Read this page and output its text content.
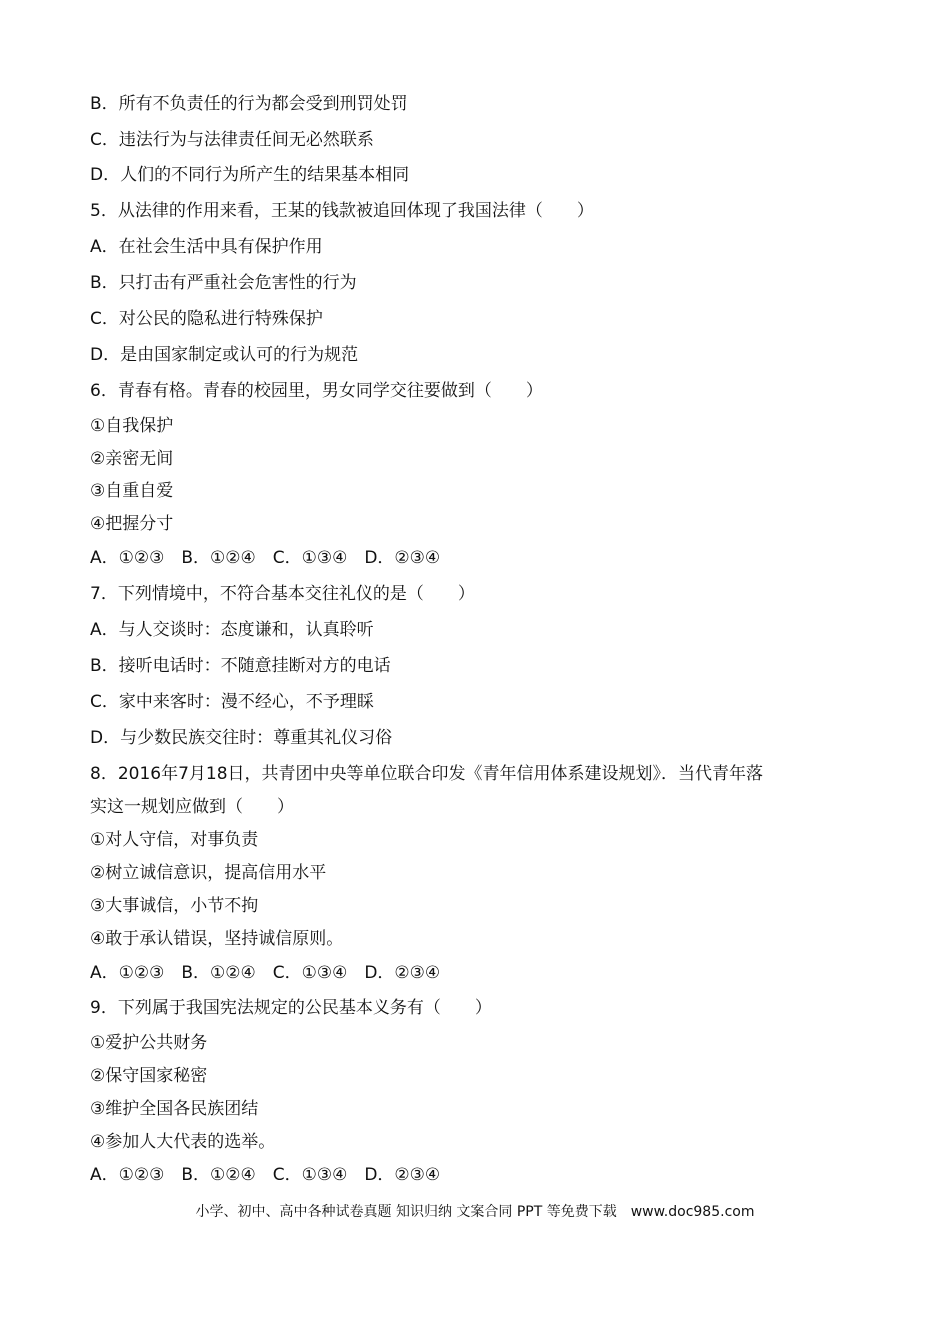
B．所有不负责任的行为都会受到刑罚处罚
C．违法行为与法律责任间无必然联系
D．人们的不同行为所产生的结果基本相同
5．从法律的作用来看，王某的钱款被追回体现了我国法律（　　）
A．在社会生活中具有保护作用
B．只打击有严重社会危害性的行为
C．对公民的隐私进行特殊保护
D．是由国家制定或认可的行为规范
6．青春有格。青春的校园里，男女同学交往要做到（　　）
①自我保护
②亲密无间
③自重自爱
④把握分寸
A．①②③　B．①②④　C．①③④　D．②③④
7．下列情境中，不符合基本交往礼仪的是（　　）
A．与人交谈时：态度谦和，认真聆听
B．接听电话时：不随意挂断对方的电话
C．家中来客时：漫不经心，不予理睬
D．与少数民族交往时：尊重其礼仪习俗
8．2016年7月18日，共青团中央等单位联合印发《青年信用体系建设规划》．当代青年落
实这一规划应做到（　　）
①对人守信，对事负责
②树立诚信意识，提高信用水平
③大事诚信，小节不拘
④敢于承认错误，坚持诚信原则。
A．①②③　B．①②④　C．①③④　D．②③④
9．下列属于我国宪法规定的公民基本义务有（　　）
①爱护公共财务
②保守国家秘密
③维护全国各民族团结
④参加人大代表的选举。
A．①②③　B．①②④　C．①③④　D．②③④
小学、初中、高中各种试卷真题 知识归纳 文案合同 PPT 等免费下载　www.doc985.com
